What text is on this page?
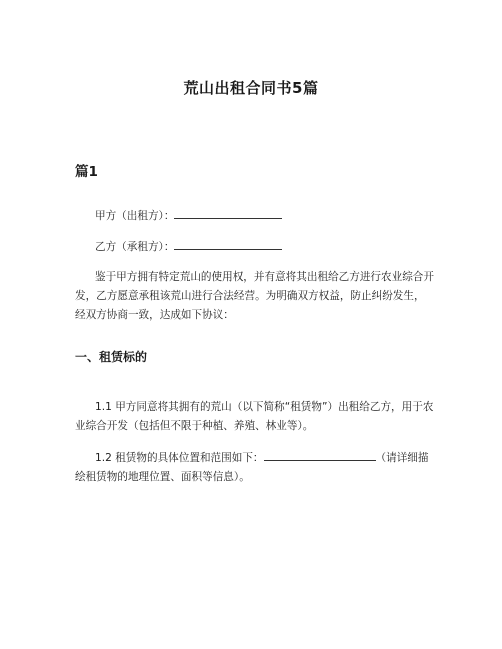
荒山出租合同书5篇
篇1
甲方（出租方）：
乙方（承租方）：
鉴于甲方拥有特定荒山的使用权，并有意将其出租给乙方进行农业综合开发，乙方愿意承租该荒山进行合法经营。为明确双方权益，防止纠纷发生，经双方协商一致，达成如下协议：
一、租赁标的
1.1 甲方同意将其拥有的荒山（以下简称“租赁物”）出租给乙方，用于农业综合开发（包括但不限于种植、养殖、林业等）。
1.2 租赁物的具体位置和范围如下：	（请详细描绘租赁物的地理位置、面积等信息）。
